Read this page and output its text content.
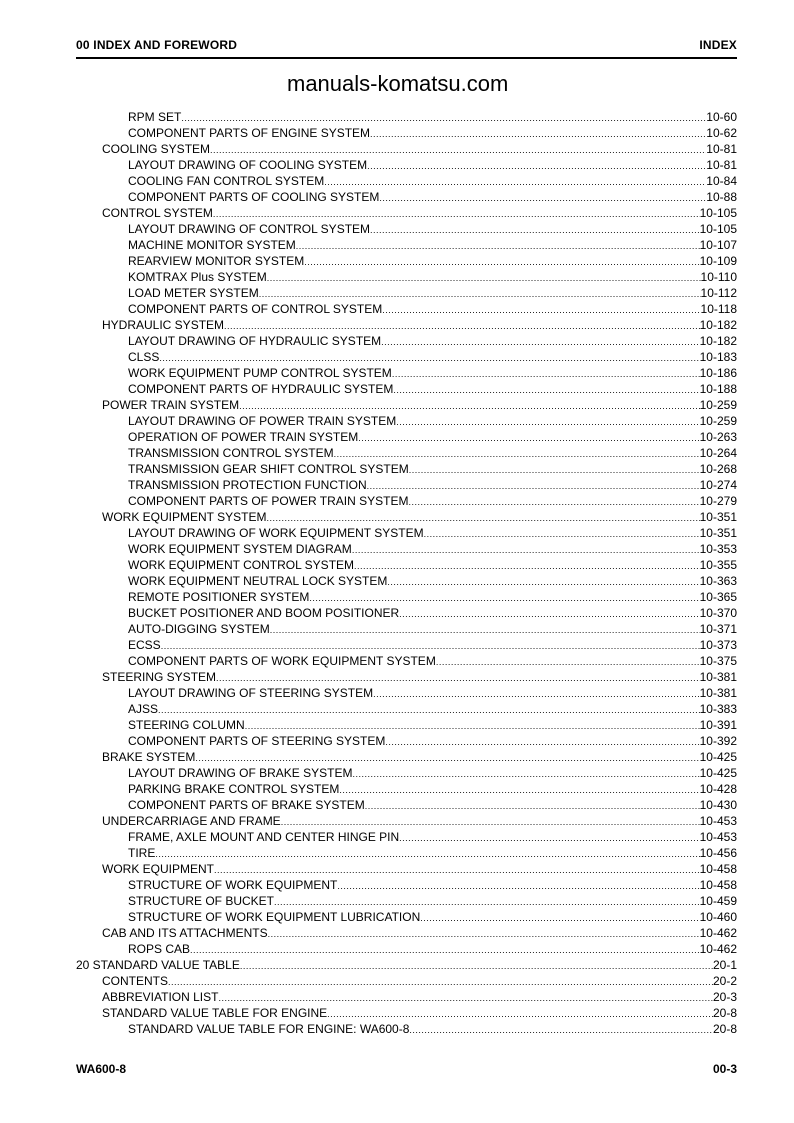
00 INDEX AND FOREWORD	INDEX
manuals-komatsu.com
RPM SET .....	10-60
COMPONENT PARTS OF ENGINE SYSTEM .....	10-62
COOLING SYSTEM .....	10-81
LAYOUT DRAWING OF COOLING SYSTEM .....	10-81
COOLING FAN CONTROL SYSTEM .....	10-84
COMPONENT PARTS OF COOLING SYSTEM .....	10-88
CONTROL SYSTEM .....	10-105
LAYOUT DRAWING OF CONTROL SYSTEM .....	10-105
MACHINE MONITOR SYSTEM .....	10-107
REARVIEW MONITOR SYSTEM .....	10-109
KOMTRAX Plus SYSTEM .....	10-110
LOAD METER SYSTEM .....	10-112
COMPONENT PARTS OF CONTROL SYSTEM .....	10-118
HYDRAULIC SYSTEM .....	10-182
LAYOUT DRAWING OF HYDRAULIC SYSTEM .....	10-182
CLSS .....	10-183
WORK EQUIPMENT PUMP CONTROL SYSTEM .....	10-186
COMPONENT PARTS OF HYDRAULIC SYSTEM .....	10-188
POWER TRAIN SYSTEM .....	10-259
LAYOUT DRAWING OF POWER TRAIN SYSTEM .....	10-259
OPERATION OF POWER TRAIN SYSTEM .....	10-263
TRANSMISSION CONTROL SYSTEM .....	10-264
TRANSMISSION GEAR SHIFT CONTROL SYSTEM .....	10-268
TRANSMISSION PROTECTION FUNCTION .....	10-274
COMPONENT PARTS OF POWER TRAIN SYSTEM .....	10-279
WORK EQUIPMENT SYSTEM .....	10-351
LAYOUT DRAWING OF WORK EQUIPMENT SYSTEM .....	10-351
WORK EQUIPMENT SYSTEM DIAGRAM .....	10-353
WORK EQUIPMENT CONTROL SYSTEM .....	10-355
WORK EQUIPMENT NEUTRAL LOCK SYSTEM .....	10-363
REMOTE POSITIONER SYSTEM .....	10-365
BUCKET POSITIONER AND BOOM POSITIONER .....	10-370
AUTO-DIGGING SYSTEM .....	10-371
ECSS .....	10-373
COMPONENT PARTS OF WORK EQUIPMENT SYSTEM .....	10-375
STEERING SYSTEM .....	10-381
LAYOUT DRAWING OF STEERING SYSTEM .....	10-381
AJSS .....	10-383
STEERING COLUMN .....	10-391
COMPONENT PARTS OF STEERING SYSTEM .....	10-392
BRAKE SYSTEM .....	10-425
LAYOUT DRAWING OF BRAKE SYSTEM .....	10-425
PARKING BRAKE CONTROL SYSTEM .....	10-428
COMPONENT PARTS OF BRAKE SYSTEM .....	10-430
UNDERCARRIAGE AND FRAME .....	10-453
FRAME, AXLE MOUNT AND CENTER HINGE PIN .....	10-453
TIRE .....	10-456
WORK EQUIPMENT .....	10-458
STRUCTURE OF WORK EQUIPMENT .....	10-458
STRUCTURE OF BUCKET .....	10-459
STRUCTURE OF WORK EQUIPMENT LUBRICATION .....	10-460
CAB AND ITS ATTACHMENTS .....	10-462
ROPS CAB .....	10-462
20 STANDARD VALUE TABLE .....	20-1
CONTENTS .....	20-2
ABBREVIATION LIST .....	20-3
STANDARD VALUE TABLE FOR ENGINE .....	20-8
STANDARD VALUE TABLE FOR ENGINE: WA600-8 .....	20-8
WA600-8	00-3
